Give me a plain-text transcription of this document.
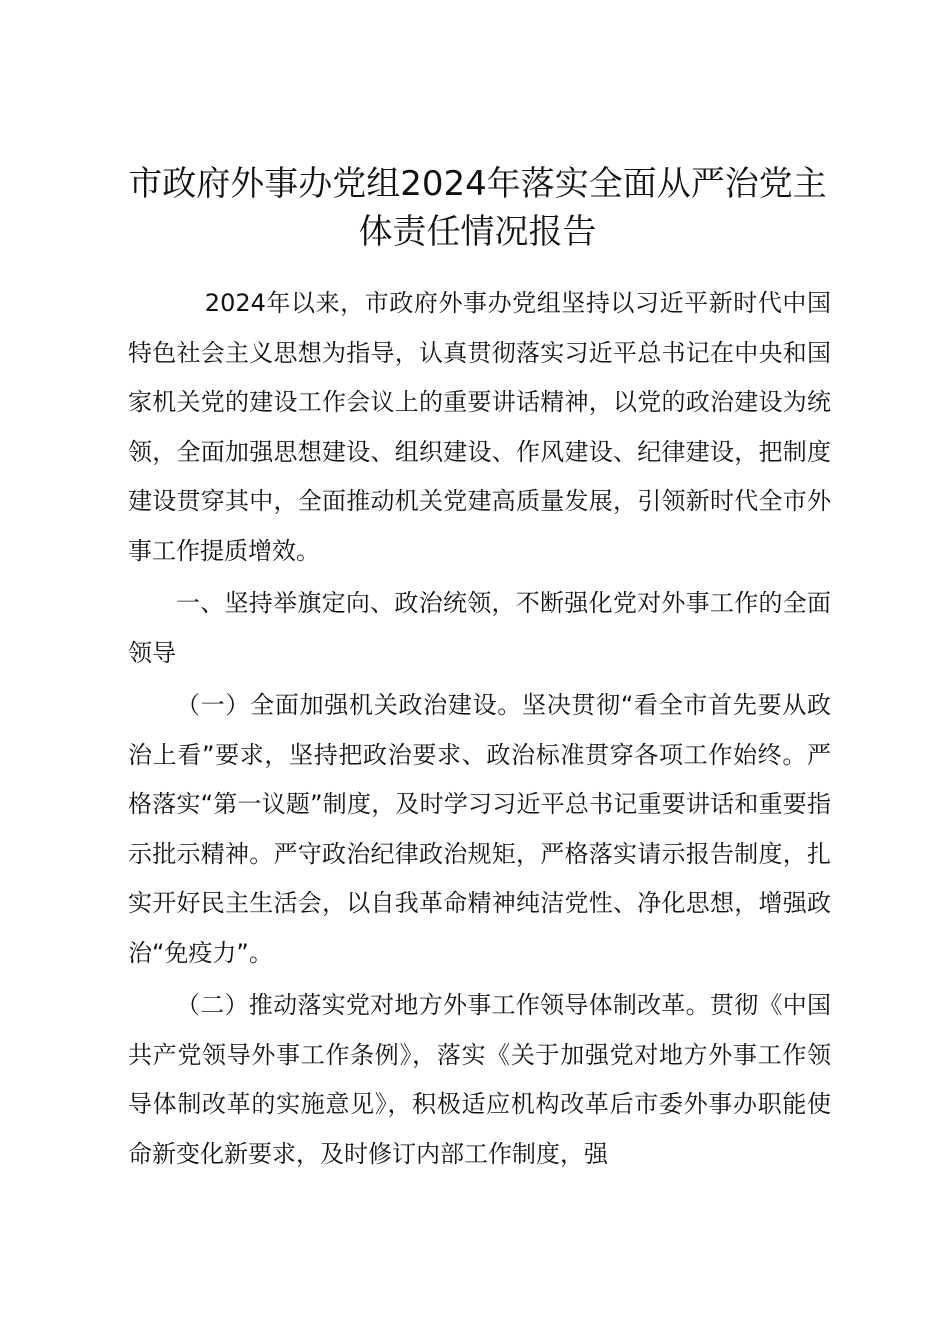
市政府外事办党组2024年落实全面从严治党主体责任情况报告

2024年以来，市政府外事办党组坚持以习近平新时代中国特色社会主义思想为指导，认真贯彻落实习近平总书记在中央和国家机关党的建设工作会议上的重要讲话精神，以党的政治建设为统领，全面加强思想建设、组织建设、作风建设、纪律建设，把制度建设贯穿其中，全面推动机关党建高质量发展，引领新时代全市外事工作提质增效。

一、坚持举旗定向、政治统领，不断强化党对外事工作的全面领导

（一）全面加强机关政治建设。坚决贯彻“看全市首先要从政治上看”要求，坚持把政治要求、政治标准贯穿各项工作始终。严格落实“第一议题”制度，及时学习习近平总书记重要讲话和重要指示批示精神。严守政治纪律政治规矩，严格落实请示报告制度，扎实开好民主生活会，以自我革命精神纯洁党性、净化思想，增强政治“免疫力”。

（二）推动落实党对地方外事工作领导体制改革。贯彻《中国共产党领导外事工作条例》，落实《关于加强党对地方外事工作领导体制改革的实施意见》，积极适应机构改革后市委外事办职能使命新变化新要求，及时修订内部工作制度，强
